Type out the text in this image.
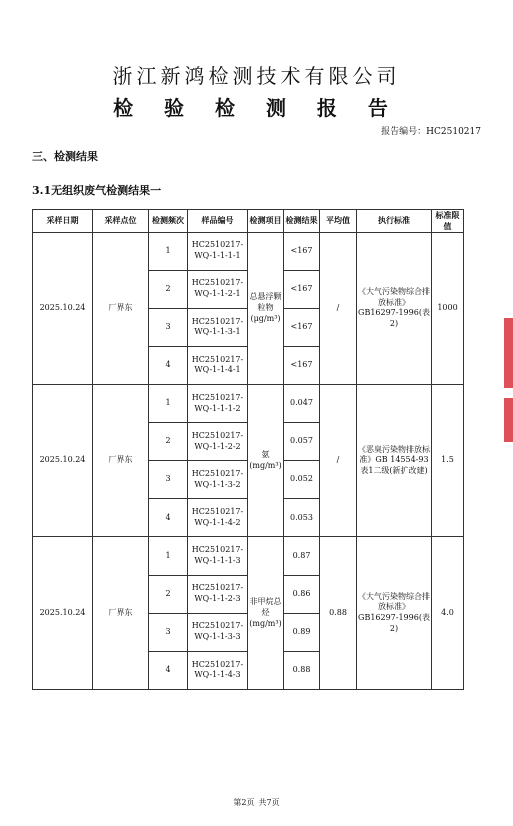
浙江新鸿检测技术有限公司
检 验 检 测 报 告
报告编号：HC2510217
三、检测结果
3.1无组织废气检测结果一
采样日期	采样点位	检测频次	样品编号	检测项目	检测结果	平均值	执行标准	标准限值
2025.10.24	厂界东	1	HC2510217-WQ-1-1-1-1	总悬浮颗粒物(μg/m³)	<167	/	《大气污染物综合排放标准》GB16297-1996(表2)	1000
		2	HC2510217-WQ-1-1-2-1		<167			
		3	HC2510217-WQ-1-1-3-1		<167			
		4	HC2510217-WQ-1-1-4-1		<167			
2025.10.24	厂界东	1	HC2510217-WQ-1-1-1-2	氨(mg/m³)	0.047	/	《恶臭污染物排放标准》GB 14554-93表1二级(新扩改建)	1.5
		2	HC2510217-WQ-1-1-2-2		0.057			
		3	HC2510217-WQ-1-1-3-2		0.052			
		4	HC2510217-WQ-1-1-4-2		0.053			
2025.10.24	厂界东	1	HC2510217-WQ-1-1-1-3	非甲烷总烃(mg/m³)	0.87	0.88	《大气污染物综合排放标准》GB16297-1996(表2)	4.0
		2	HC2510217-WQ-1-1-2-3		0.86			
		3	HC2510217-WQ-1-1-3-3		0.89			
		4	HC2510217-WQ-1-1-4-3		0.88			
第2页 共7页
